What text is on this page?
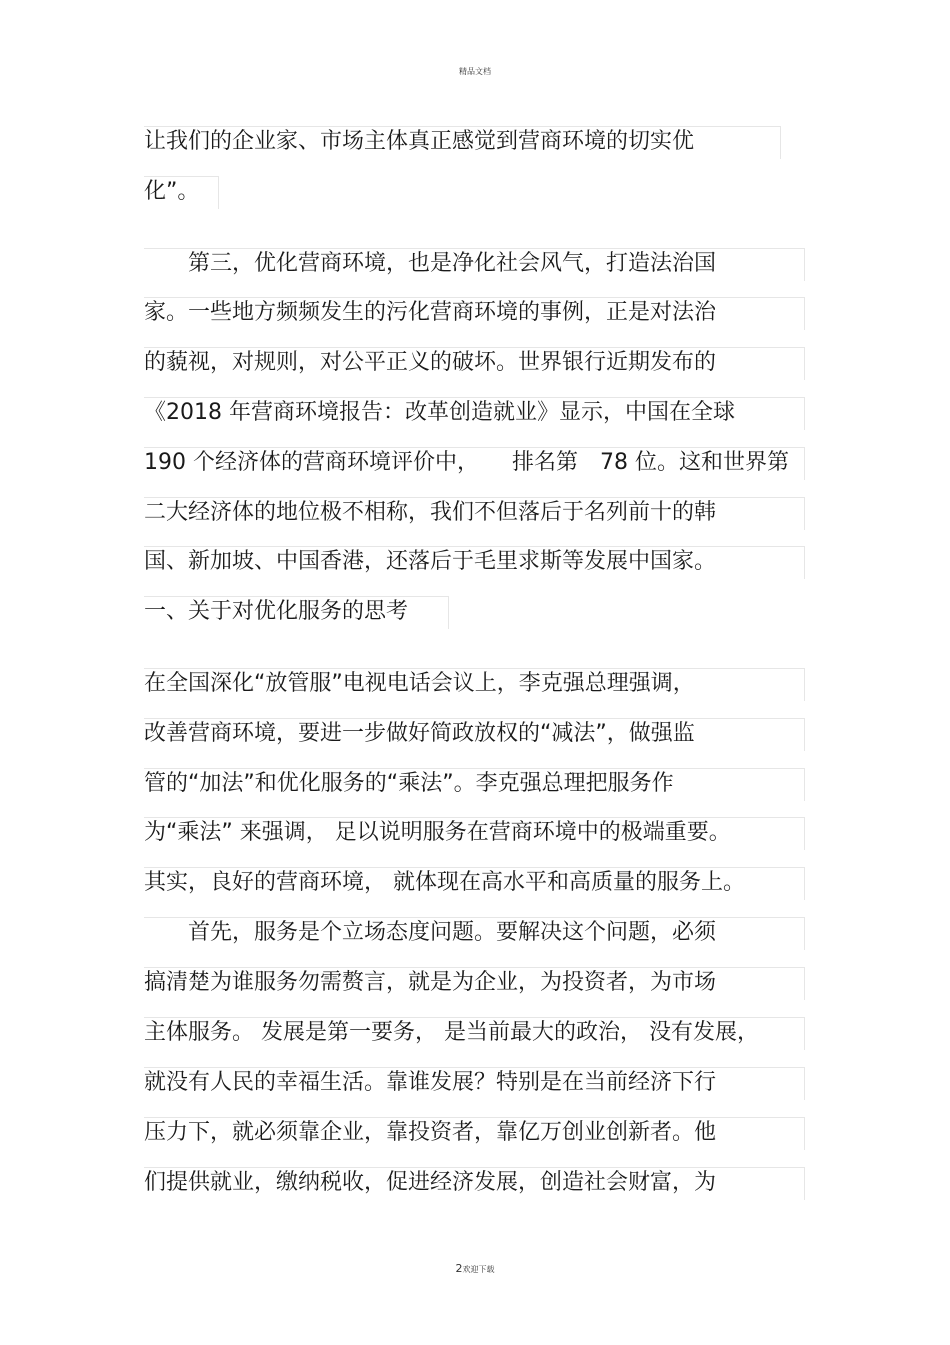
精品文档
让我们的企业家、市场主体真正感觉到营商环境的切实优
化”。
　　第三，优化营商环境，也是净化社会风气，打造法治国
家。一些地方频频发生的污化营商环境的事例，正是对法治
的藐视，对规则，对公平正义的破坏。世界银行近期发布的
《2018 年营商环境报告：改革创造就业》显示，中国在全球
190 个经济体的营商环境评价中，　　排名第　78 位。这和世界第
二大经济体的地位极不相称，我们不但落后于名列前十的韩
国、新加坡、中国香港，还落后于毛里求斯等发展中国家。
一、关于对优化服务的思考
在全国深化“放管服”电视电话会议上，李克强总理强调，
改善营商环境，要进一步做好简政放权的“减法”，做强监
管的“加法”和优化服务的“乘法”。李克强总理把服务作
为“乘法” 来强调， 足以说明服务在营商环境中的极端重要。
其实，良好的营商环境， 就体现在高水平和高质量的服务上。
　　首先，服务是个立场态度问题。要解决这个问题，必须
搞清楚为谁服务勿需赘言，就是为企业，为投资者，为市场
主体服务。 发展是第一要务， 是当前最大的政治， 没有发展，
就没有人民的幸福生活。靠谁发展？特别是在当前经济下行
压力下，就必须靠企业，靠投资者，靠亿万创业创新者。他
们提供就业，缴纳税收，促进经济发展，创造社会财富，为
2欢迎下载
